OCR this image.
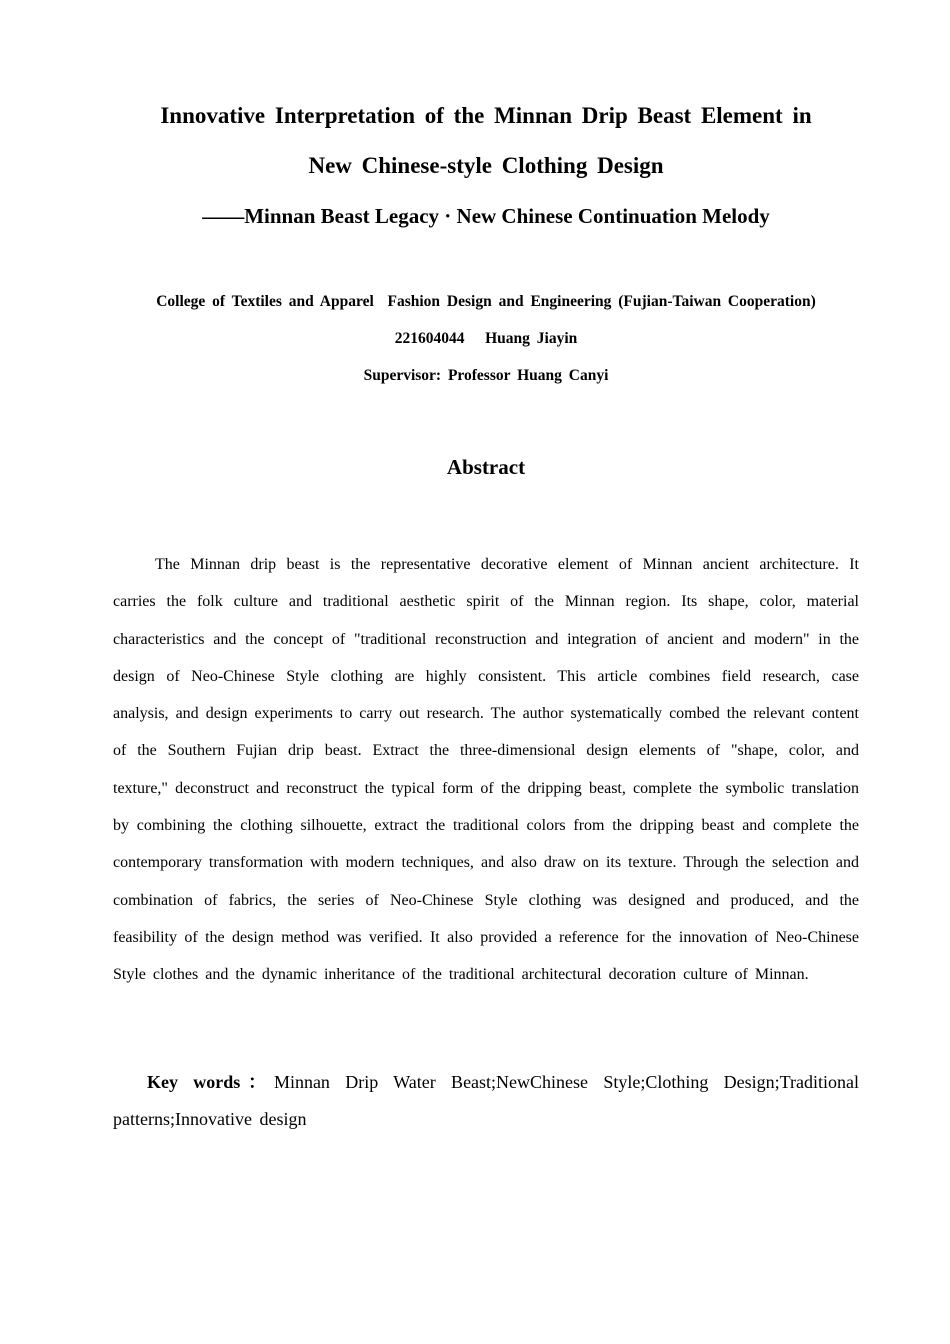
Innovative Interpretation of the Minnan Drip Beast Element in
New Chinese-style Clothing Design
——Minnan Beast Legacy · New Chinese Continuation Melody
College of Textiles and Apparel  Fashion Design and Engineering (Fujian-Taiwan Cooperation)
221604044   Huang Jiayin
Supervisor: Professor Huang Canyi
Abstract

The Minnan drip beast is the representative decorative element of Minnan ancient architecture. It carries the folk culture and traditional aesthetic spirit of the Minnan region. Its shape, color, material characteristics and the concept of "traditional reconstruction and integration of ancient and modern" in the design of Neo-Chinese Style clothing are highly consistent. This article combines field research, case analysis, and design experiments to carry out research. The author systematically combed the relevant content of the Southern Fujian drip beast. Extract the three-dimensional design elements of "shape, color, and texture," deconstruct and reconstruct the typical form of the dripping beast, complete the symbolic translation by combining the clothing silhouette, extract the traditional colors from the dripping beast and complete the contemporary transformation with modern techniques, and also draw on its texture. Through the selection and combination of fabrics, the series of Neo-Chinese Style clothing was designed and produced, and the feasibility of the design method was verified. It also provided a reference for the innovation of Neo-Chinese Style clothes and the dynamic inheritance of the traditional architectural decoration culture of Minnan.

Key words：Minnan Drip Water Beast;NewChinese Style;Clothing Design;Traditional patterns;Innovative design
